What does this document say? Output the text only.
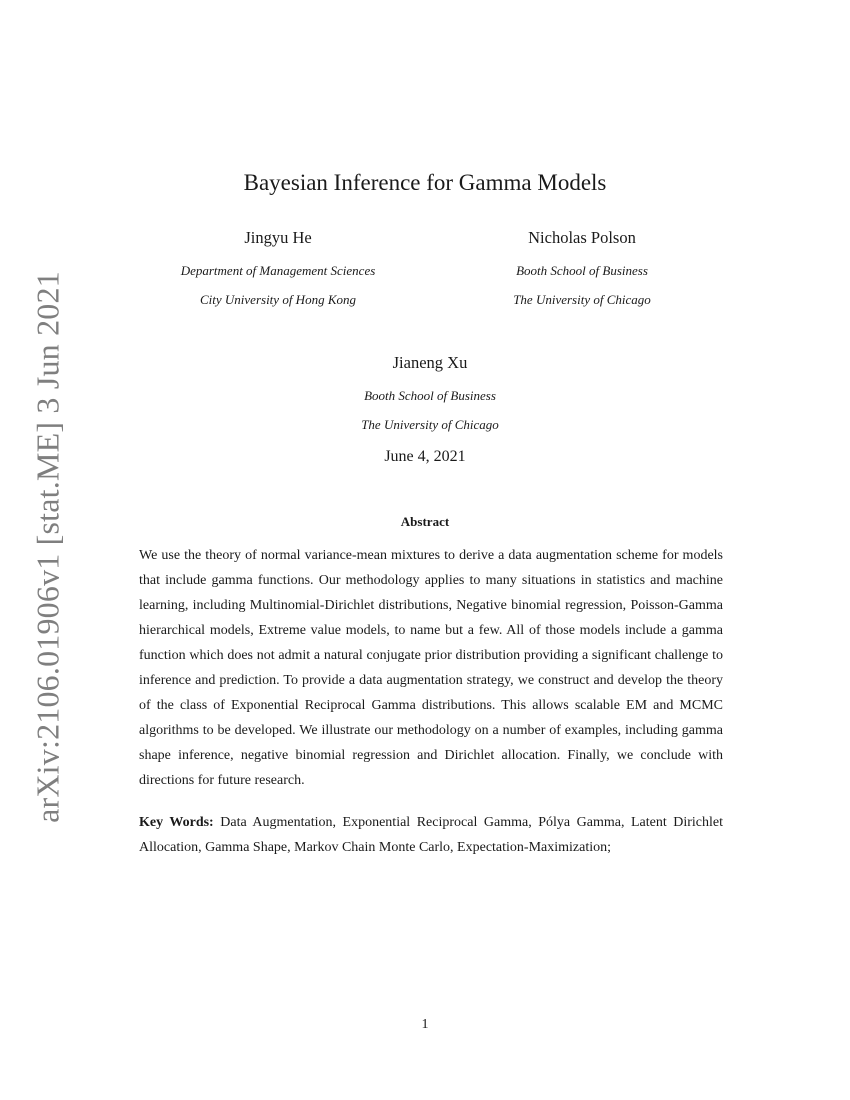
arXiv:2106.01906v1 [stat.ME] 3 Jun 2021
Bayesian Inference for Gamma Models
Jingyu He
Department of Management Sciences
City University of Hong Kong
Nicholas Polson
Booth School of Business
The University of Chicago
Jianeng Xu
Booth School of Business
The University of Chicago
June 4, 2021
Abstract
We use the theory of normal variance-mean mixtures to derive a data augmentation scheme for models that include gamma functions. Our methodology applies to many situations in statistics and machine learning, including Multinomial-Dirichlet distributions, Negative binomial regression, Poisson-Gamma hierarchical models, Extreme value models, to name but a few. All of those models include a gamma function which does not admit a natural conjugate prior distribution providing a significant challenge to inference and prediction. To provide a data augmentation strategy, we construct and develop the theory of the class of Exponential Reciprocal Gamma distributions. This allows scalable EM and MCMC algorithms to be developed. We illustrate our methodology on a number of examples, including gamma shape inference, negative binomial regression and Dirichlet allocation. Finally, we conclude with directions for future research.
Key Words: Data Augmentation, Exponential Reciprocal Gamma, Pólya Gamma, Latent Dirichlet Allocation, Gamma Shape, Markov Chain Monte Carlo, Expectation-Maximization;
1
